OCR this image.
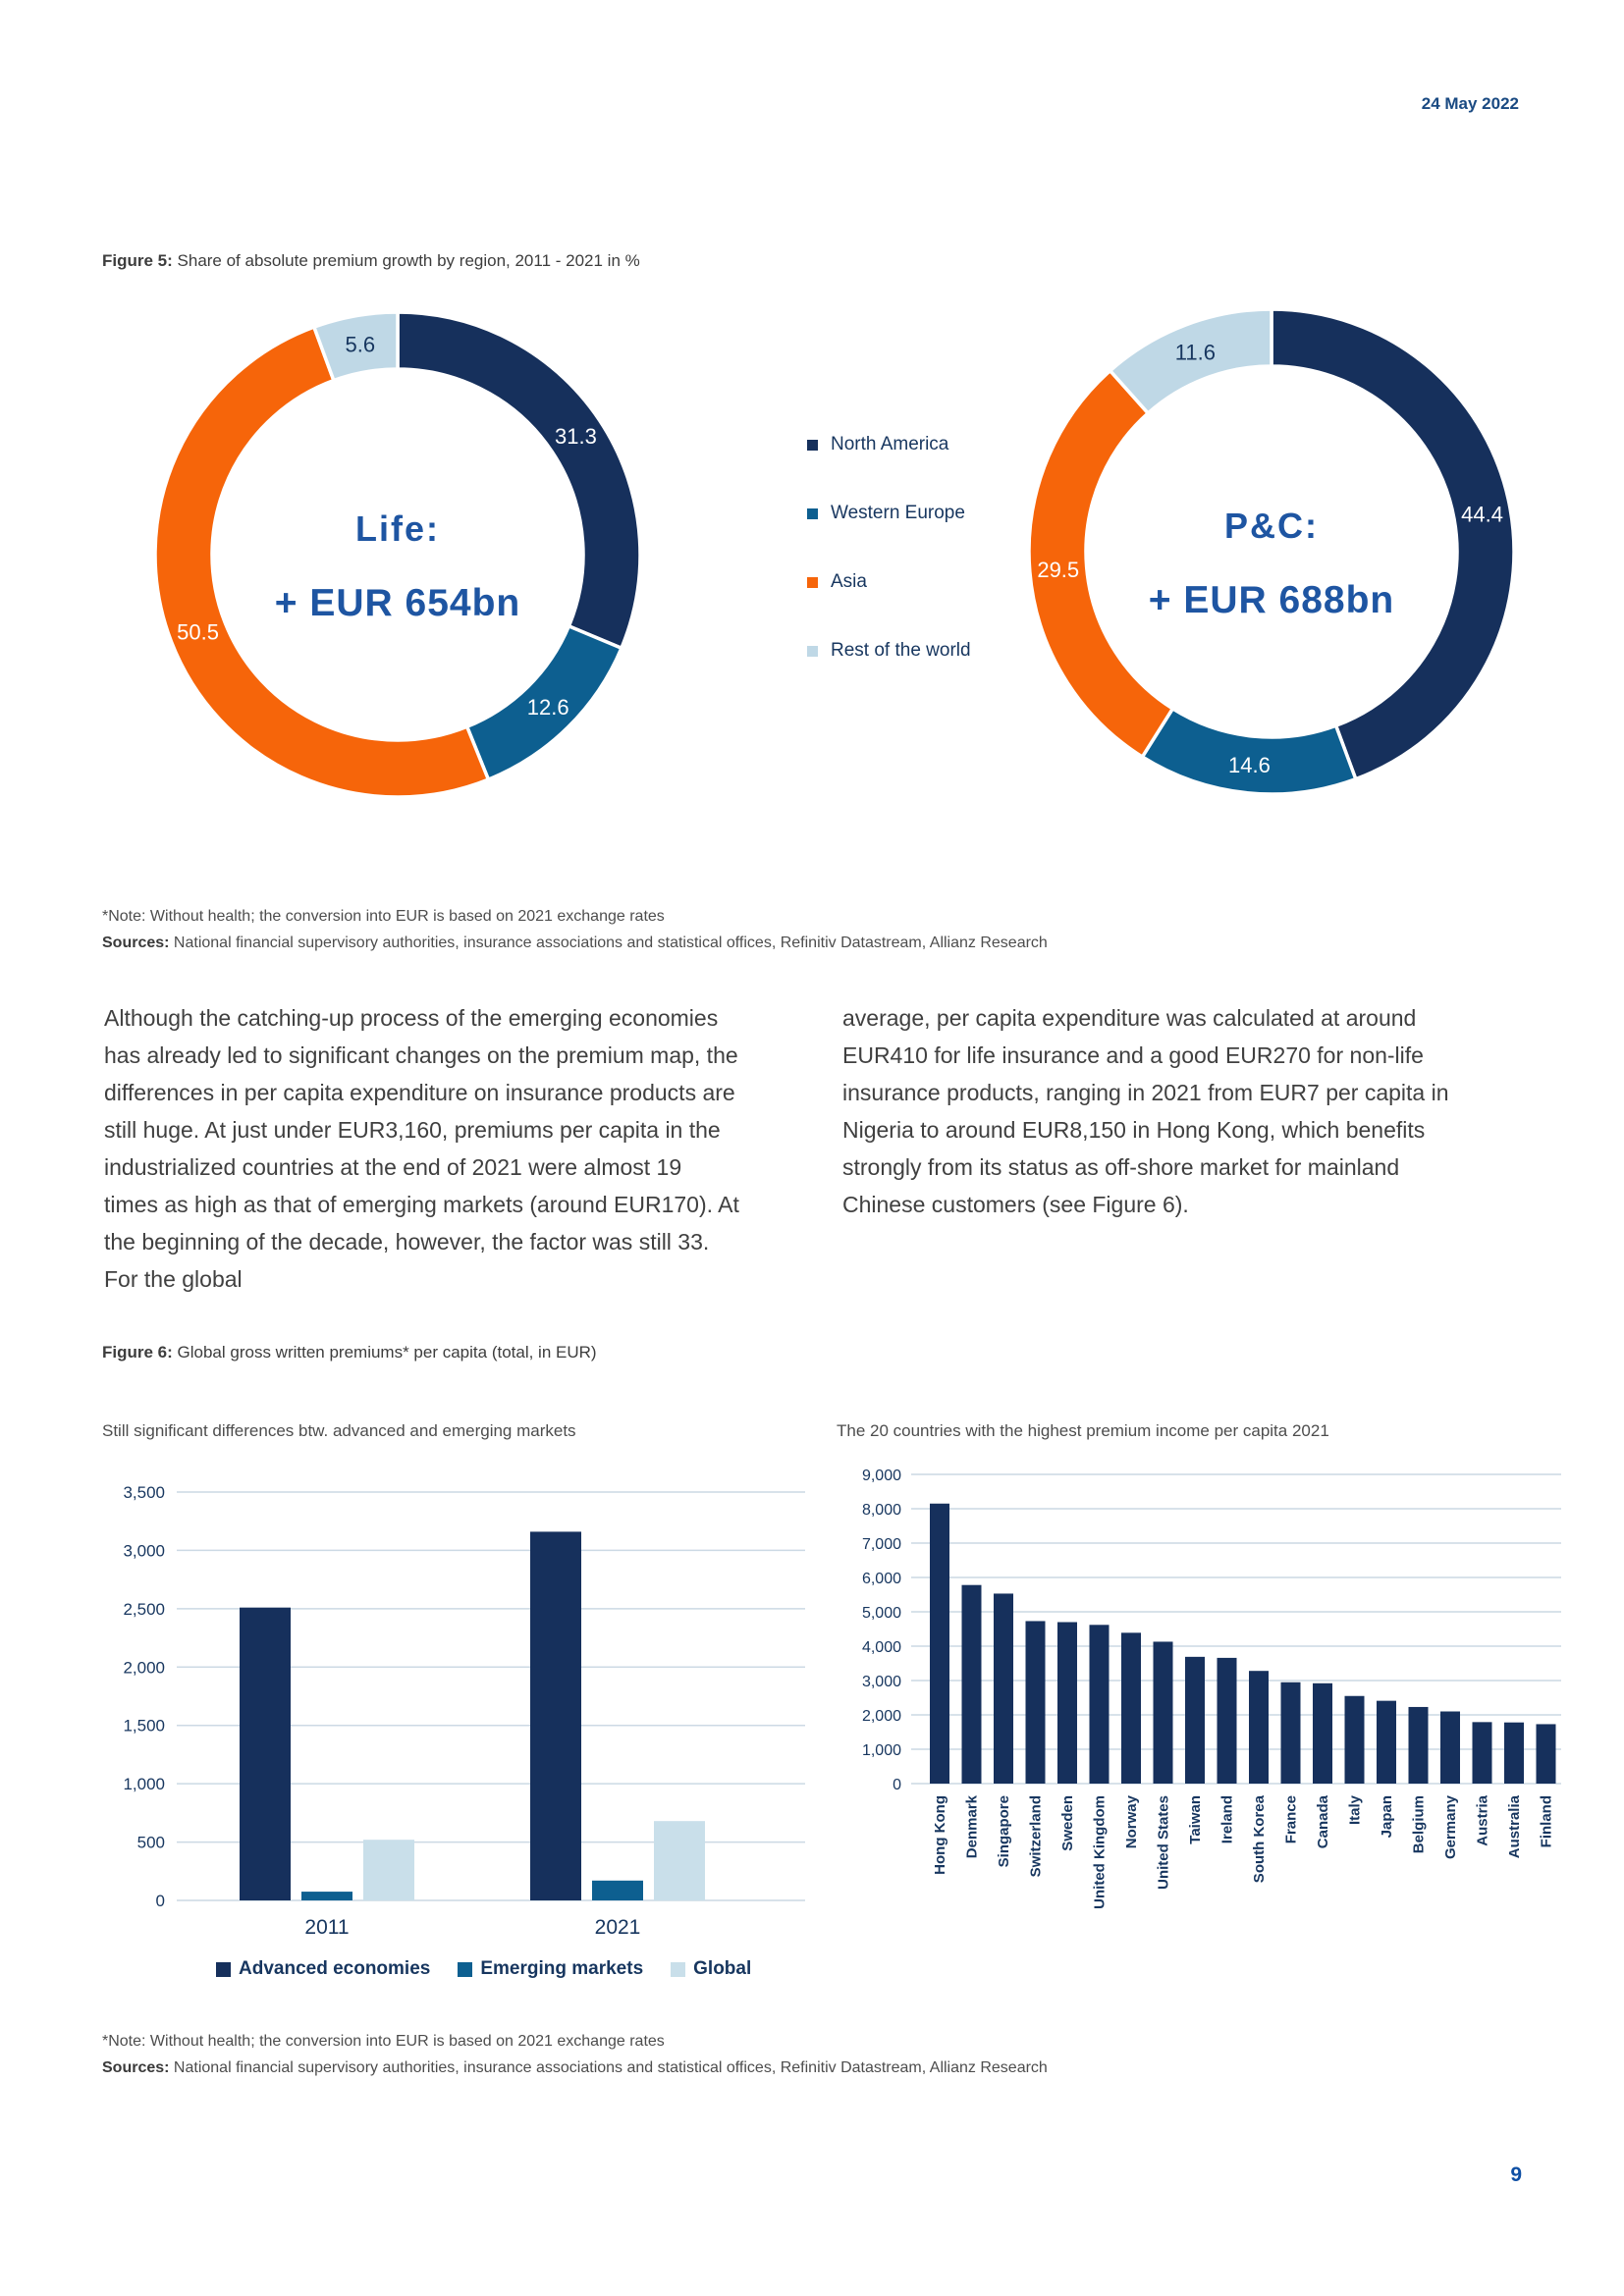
24 May 2022
Figure 5: Share of absolute premium growth by region, 2011 - 2021 in %
31.3
12.6
50.5
5.6
Life:
+ EUR 654bn
North America
Western Europe
Asia
Rest of the world
44.4
14.6
29.5
11.6
P&C:
+ EUR 688bn
*Note: Without health; the conversion into EUR is based on 2021 exchange rates
Sources: National financial supervisory authorities, insurance associations and statistical offices, Refinitiv Datastream, Allianz Research
Although the catching-up process of the emerging economies has already led to significant changes on the premium map, the differences in per capita expenditure on insurance products are still huge. At just under EUR3,160, premiums per capita in the industrialized countries at the end of 2021 were almost 19 times as high as that of emerging markets (around EUR170). At the beginning of the decade, however, the factor was still 33. For the global
average, per capita expenditure was calculated at around EUR410 for life insurance and a good EUR270 for non-life insurance products, ranging in 2021 from EUR7 per capita in Nigeria to around EUR8,150 in Hong Kong, which benefits strongly from its status as off-shore market for mainland Chinese customers (see Figure 6).
Figure 6: Global gross written premiums* per capita (total, in EUR)
Still significant differences btw. advanced and emerging markets	The 20 countries with the highest premium income per capita 2021
0
500
1,000
1,500
2,000
2,500
3,000
3,500
2011	2021
0
1,000
2,000
3,000
4,000
5,000
6,000
7,000
8,000
9,000
Hong Kong Denmark Singapore Switzerland Sweden United Kingdom Norway United States Taiwan Ireland South Korea France Canada Italy Japan Belgium Germany Austria Australia Finland
Advanced economies	Emerging markets	Global
*Note: Without health; the conversion into EUR is based on 2021 exchange rates
Sources: National financial supervisory authorities, insurance associations and statistical offices, Refinitiv Datastream, Allianz Research
9
